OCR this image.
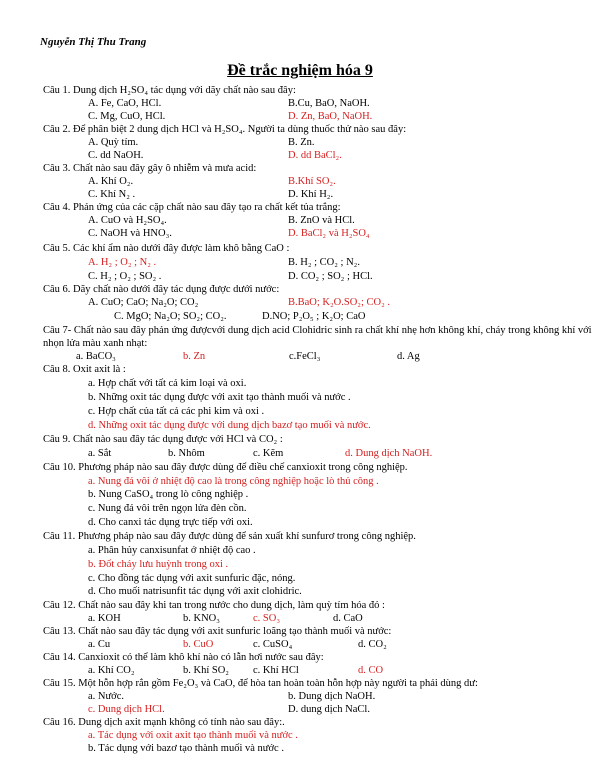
Nguyễn Thị Thu Trang
Đề trắc nghiệm hóa 9
Câu 1. Dung dịch H₂SO₄ tác dụng với dãy chất nào sau đây:
A. Fe, CaO, HCl.	B.Cu, BaO, NaOH.
C. Mg, CuO, HCl.	D. Zn, BaO, NaOH.
Câu 2. Để phân biệt 2 dung dịch HCl và H₂SO₄. Người ta dùng thuốc thử nào sau đây:
A. Quỳ tím.	B. Zn.
C. dd NaOH.	D. dd BaCl₂.
Câu 3. Chất nào sau đây gây ô nhiễm và mưa acid:
A. Khí O₂.	B.Khí SO₂.
C. Khí N₂ .	D. Khí H₂.
Câu 4. Phản ứng của các cặp chất nào sau đây tạo ra chất kết tủa trắng:
A. CuO và H₂SO₄.	B. ZnO và HCl.
C. NaOH và HNO₃.	D. BaCl₂ và H₂SO₄
Câu 5. Các khí ẩm nào dưới đây được làm khô bằng CaO :
A. H₂ ; O₂ ; N₂ .	B. H₂ ; CO₂ ; N₂.
C. H₂ ; O₂ ; SO₂ .	D. CO₂ ; SO₂ ; HCl.
Câu 6. Dãy chất nào dưới đây tác dụng được dưới nước:
A. CuO; CaO; Na₂O; CO₂	B.BaO; K₂O.SO₂; CO₂ .
C. MgO; Na₂O; SO₂; CO₂.	D.NO; P₂O₅ ; K₂O; CaO
Câu 7- Chất nào sau đây phản ứng đượcvới dung dịch acid Clohidric sinh ra chất khí nhẹ hơn không khí, cháy trong không khí với nhọn lửa màu xanh nhạt:
a. BaCO₃	b. Zn	c.FeCl₃	d. Ag
Câu 8. Oxit axit là :
a. Hợp chất với tất cả kim loại và oxi.
b. Những oxit tác dụng được với axit tạo thành muối và nước .
c. Hợp chất của tất cả các phi kim và oxi .
d. Những oxit tác dụng được với dung dịch bazơ tạo muối và nước.
Câu 9. Chất nào sau đây tác dụng được với HCl và CO₂ :
a. Sắt	b. Nhôm	c. Kẽm	d. Dung dịch NaOH.
Câu 10. Phương pháp nào sau đây được dùng để điều chế canxioxit trong công nghiệp.
a. Nung đá vôi ở nhiệt độ cao là trong công nghiệp hoặc lò thủ công .
b. Nung CaSO₄ trong lò công nghiệp .
c. Nung đá vôi trên ngọn lửa đèn cồn.
d. Cho canxi tác dụng trực tiếp với oxi.
Câu 11. Phương pháp nào sau đây được dùng để sản xuất khí sunfurơ trong công nghiệp.
a. Phân hủy canxisunfat ở nhiệt độ cao .
b. Đốt cháy lưu huỳnh trong oxi .
c. Cho đồng tác dụng với axit sunfuric đặc, nóng.
d. Cho muối natrisunfit tác dụng với axit clohidric.
Câu 12. Chất nào sau đây khi tan trong nước cho dung dịch, làm quỳ tím hóa đỏ :
a. KOH	b. KNO₃	c. SO₃	d. CaO
Câu 13. Chất nào sau đây tác dụng với axit sunfuric loãng tạo thành muối và nước:
a. Cu	b. CuO	c. CuSO₄	d. CO₂
Câu 14. Canxioxit có thể làm khô khí nào có lẫn hơi nước sau đây:
a. Khí CO₂	b. Khí SO₂ c. Khí HCl	d. CO
Câu 15. Một hỗn hợp rắn gồm Fe₂O₃ và CaO, để hòa tan hoàn toàn hỗn hợp này người ta phải dùng dư:
a. Nước.	b. Dung dịch NaOH.
c. Dung dịch HCl.	D. dung dịch NaCl.
Câu 16. Dung dịch axit mạnh không có tính nào sau đây:.
a. Tác dụng với oxit axit tạo thành muối và nước .
b. Tác dụng với bazơ tạo thành muối và nước .
